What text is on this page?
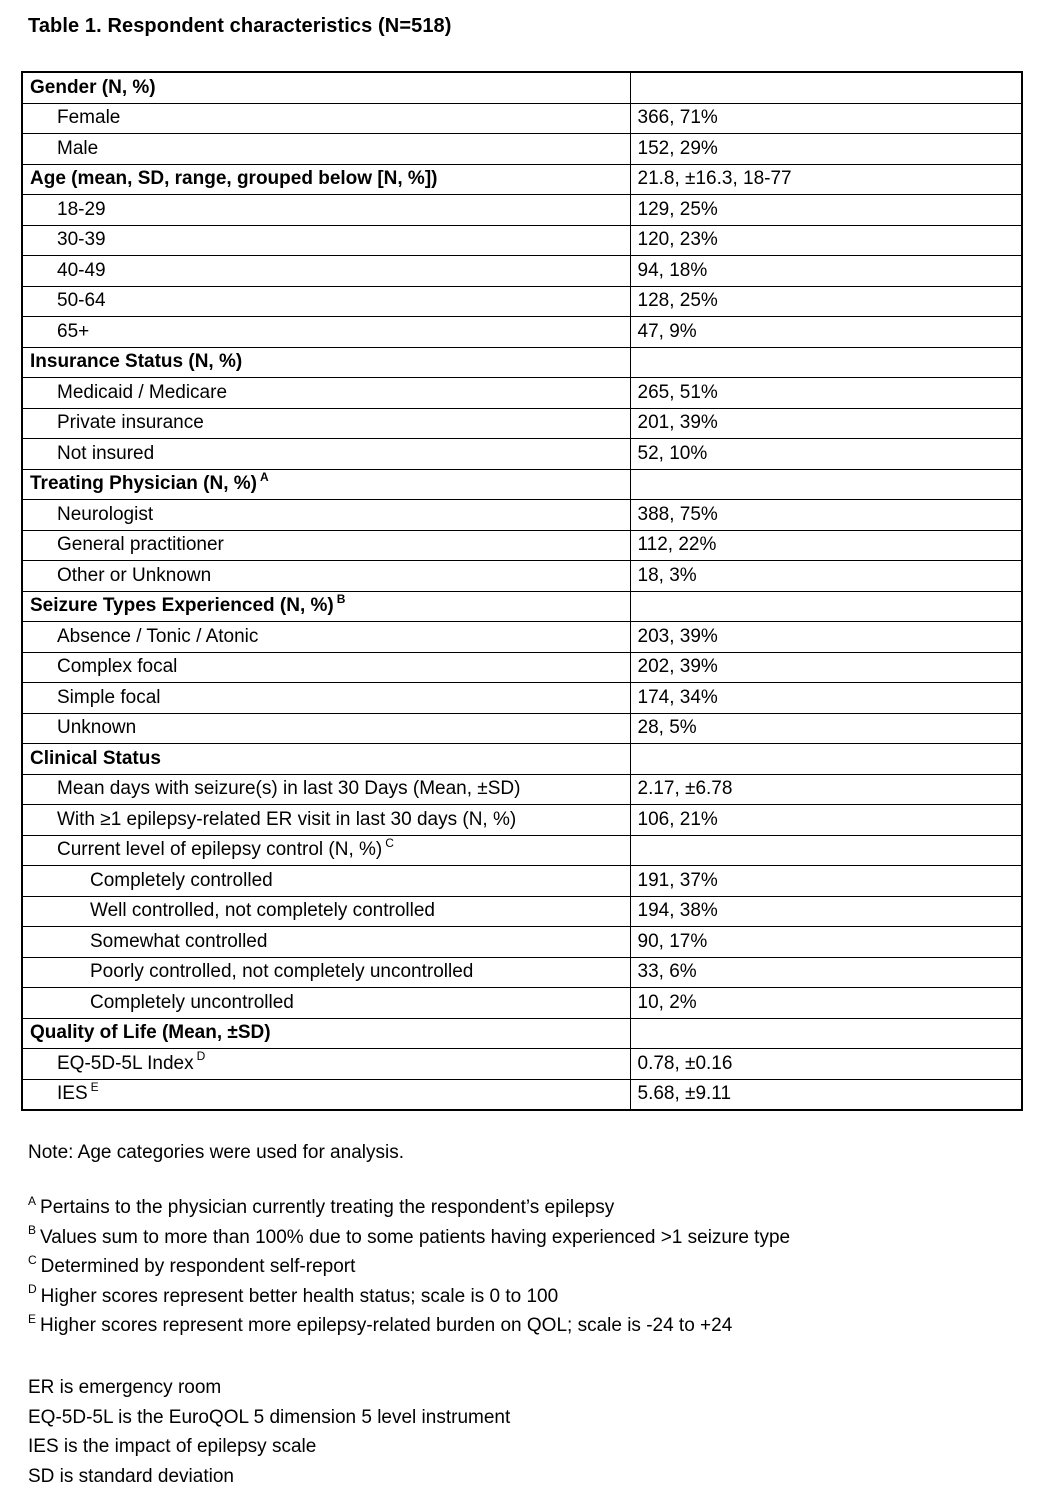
Table 1. Respondent characteristics (N=518)
Gender (N, %)	
Female	366, 71%
Male	152, 29%
Age (mean, SD, range, grouped below [N, %])	21.8, ±16.3, 18-77
18-29	129, 25%
30-39	120, 23%
40-49	94, 18%
50-64	128, 25%
65+	47, 9%
Insurance Status (N, %)	
Medicaid / Medicare	265, 51%
Private insurance	201, 39%
Not insured	52, 10%
Treating Physician (N, %) $^A$	
Neurologist	388, 75%
General practitioner	112, 22%
Other or Unknown	18, 3%
Seizure Types Experienced (N, %) $^B$	
Absence / Tonic / Atonic	203, 39%
Complex focal	202, 39%
Simple focal	174, 34%
Unknown	28, 5%
Clinical Status	
Mean days with seizure(s) in last 30 Days (Mean, ±SD)	2.17, ±6.78
With ≥1 epilepsy-related ER visit in last 30 days (N, %)	106, 21%
Current level of epilepsy control (N, %) $^C$	
Completely controlled	191, 37%
Well controlled, not completely controlled	194, 38%
Somewhat controlled	90, 17%
Poorly controlled, not completely uncontrolled	33, 6%
Completely uncontrolled	10, 2%
Quality of Life (Mean, ±SD)	
EQ-5D-5L Index $^D$	0.78, ±0.16
IES $^E$	5.68, ±9.11
Note: Age categories were used for analysis.
$^A$ Pertains to the physician currently treating the respondent’s epilepsy
$^B$ Values sum to more than 100% due to some patients having experienced >1 seizure type
$^C$ Determined by respondent self-report
$^D$ Higher scores represent better health status; scale is 0 to 100
$^E$ Higher scores represent more epilepsy-related burden on QOL; scale is -24 to +24
ER is emergency room
EQ-5D-5L is the EuroQOL 5 dimension 5 level instrument
IES is the impact of epilepsy scale
SD is standard deviation
